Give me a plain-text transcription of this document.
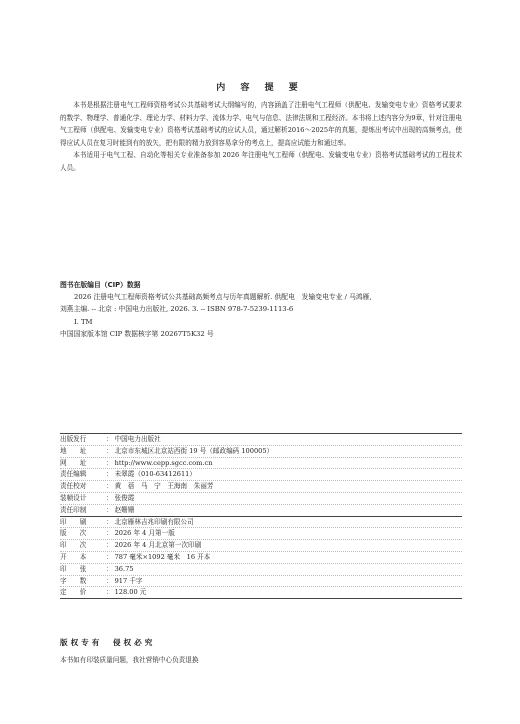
内 容 提 要

本书是根据注册电气工程师资格考试公共基础考试大纲编写的，内容涵盖了注册电气工程师（供配电、发输变电专业）资格考试要求的数学、物理学、普通化学、理论力学、材料力学、流体力学、电气与信息、法律法规和工程经济。本书将上述内容分为9章，针对注册电气工程师（供配电、发输变电专业）资格考试基础考试的应试人员，通过解析2016～2025年的真题，提炼出考试中出现的高频考点，使得应试人员在复习时能到有的放矢，把有限的精力放到容易拿分的考点上，提高应试能力和通过率。

本书适用于电气工程、自动化等相关专业准备参加 2026 年注册电气工程师（供配电、发输变电专业）资格考试基础考试的工程技术人员。

图书在版编目（CIP）数据
2026 注册电气工程师资格考试公共基础高频考点与历年真题解析. 供配电　发输变电专业 / 马鸿雁,
刘燕主编. -- 北京 : 中国电力出版社, 2026. 3. -- ISBN 978-7-5239-1113-6
Ⅰ. TM
中国国家版本馆 CIP 数据核字第 20267T5K32 号
出版发行	： 中国电力出版社
地　　址	： 北京市东城区北京站西街 19 号（邮政编码 100005）
网　　址	： http://www.cepp.sgcc.com.cn
责任编辑	： 未翠霞（010-63412611）
责任校对	： 黄　蓓　马　宁　王海南　朱丽芳
装帧设计	： 张俊霞
责任印制	： 赵姗姗
印　　刷	： 北京雁林吉兆印刷有限公司
版　　次	： 2026 年 4 月第一版
印　　次	： 2026 年 4 月北京第一次印刷
开　　本	： 787 毫米×1092 毫米　16 开本
印　　张	： 36.75
字　　数	： 917 千字
定　　价	： 128.00 元
版权专有　侵权必究
本书如有印装质量问题，我社营销中心负责退换
